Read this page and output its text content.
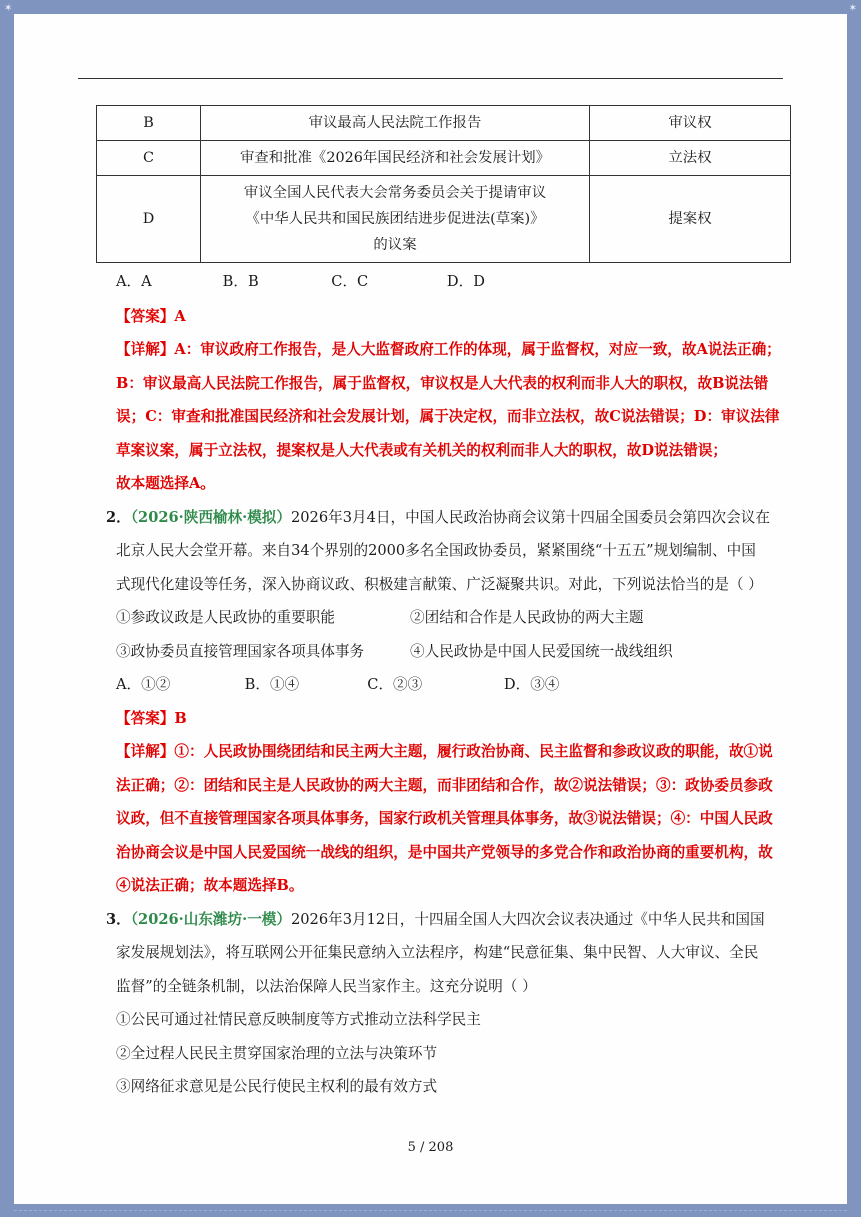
✶	✶
B	审议最高人民法院工作报告	审议权
C	审查和批准《2026年国民经济和社会发展计划》	立法权
D	审议全国人民代表大会常务委员会关于提请审议《中华人民共和国民族团结进步促进法(草案)》的议案	提案权
A．A	B．B	C．C	D．D
【答案】A
【详解】A：审议政府工作报告，是人大监督政府工作的体现，属于监督权，对应一致，故A说法正确；
B：审议最高人民法院工作报告，属于监督权，审议权是人大代表的权利而非人大的职权，故B说法错
误；C：审查和批准国民经济和社会发展计划，属于决定权，而非立法权，故C说法错误；D：审议法律
草案议案，属于立法权，提案权是人大代表或有关机关的权利而非人大的职权，故D说法错误；
故本题选择A。
2．（2026·陕西榆林·模拟）2026年3月4日，中国人民政治协商会议第十四届全国委员会第四次会议在
北京人民大会堂开幕。来自34个界别的2000多名全国政协委员，紧紧围绕“十五五”规划编制、中国
式现代化建设等任务，深入协商议政、积极建言献策、广泛凝聚共识。对此，下列说法恰当的是（ ）
①参政议政是人民政协的重要职能	②团结和合作是人民政协的两大主题
③政协委员直接管理国家各项具体事务	④人民政协是中国人民爱国统一战线组织
A．①②	B．①④	C．②③	D．③④
【答案】B
【详解】①：人民政协围绕团结和民主两大主题，履行政治协商、民主监督和参政议政的职能，故①说
法正确；②：团结和民主是人民政协的两大主题，而非团结和合作，故②说法错误；③：政协委员参政
议政，但不直接管理国家各项具体事务，国家行政机关管理具体事务，故③说法错误；④：中国人民政
治协商会议是中国人民爱国统一战线的组织，是中国共产党领导的多党合作和政治协商的重要机构，故
④说法正确；故本题选择B。
3．（2026·山东潍坊·一模）2026年3月12日，十四届全国人大四次会议表决通过《中华人民共和国国
家发展规划法》，将互联网公开征集民意纳入立法程序，构建“民意征集、集中民智、人大审议、全民
监督”的全链条机制，以法治保障人民当家作主。这充分说明（ ）
①公民可通过社情民意反映制度等方式推动立法科学民主
②全过程人民民主贯穿国家治理的立法与决策环节
③网络征求意见是公民行使民主权利的最有效方式
5 / 208
